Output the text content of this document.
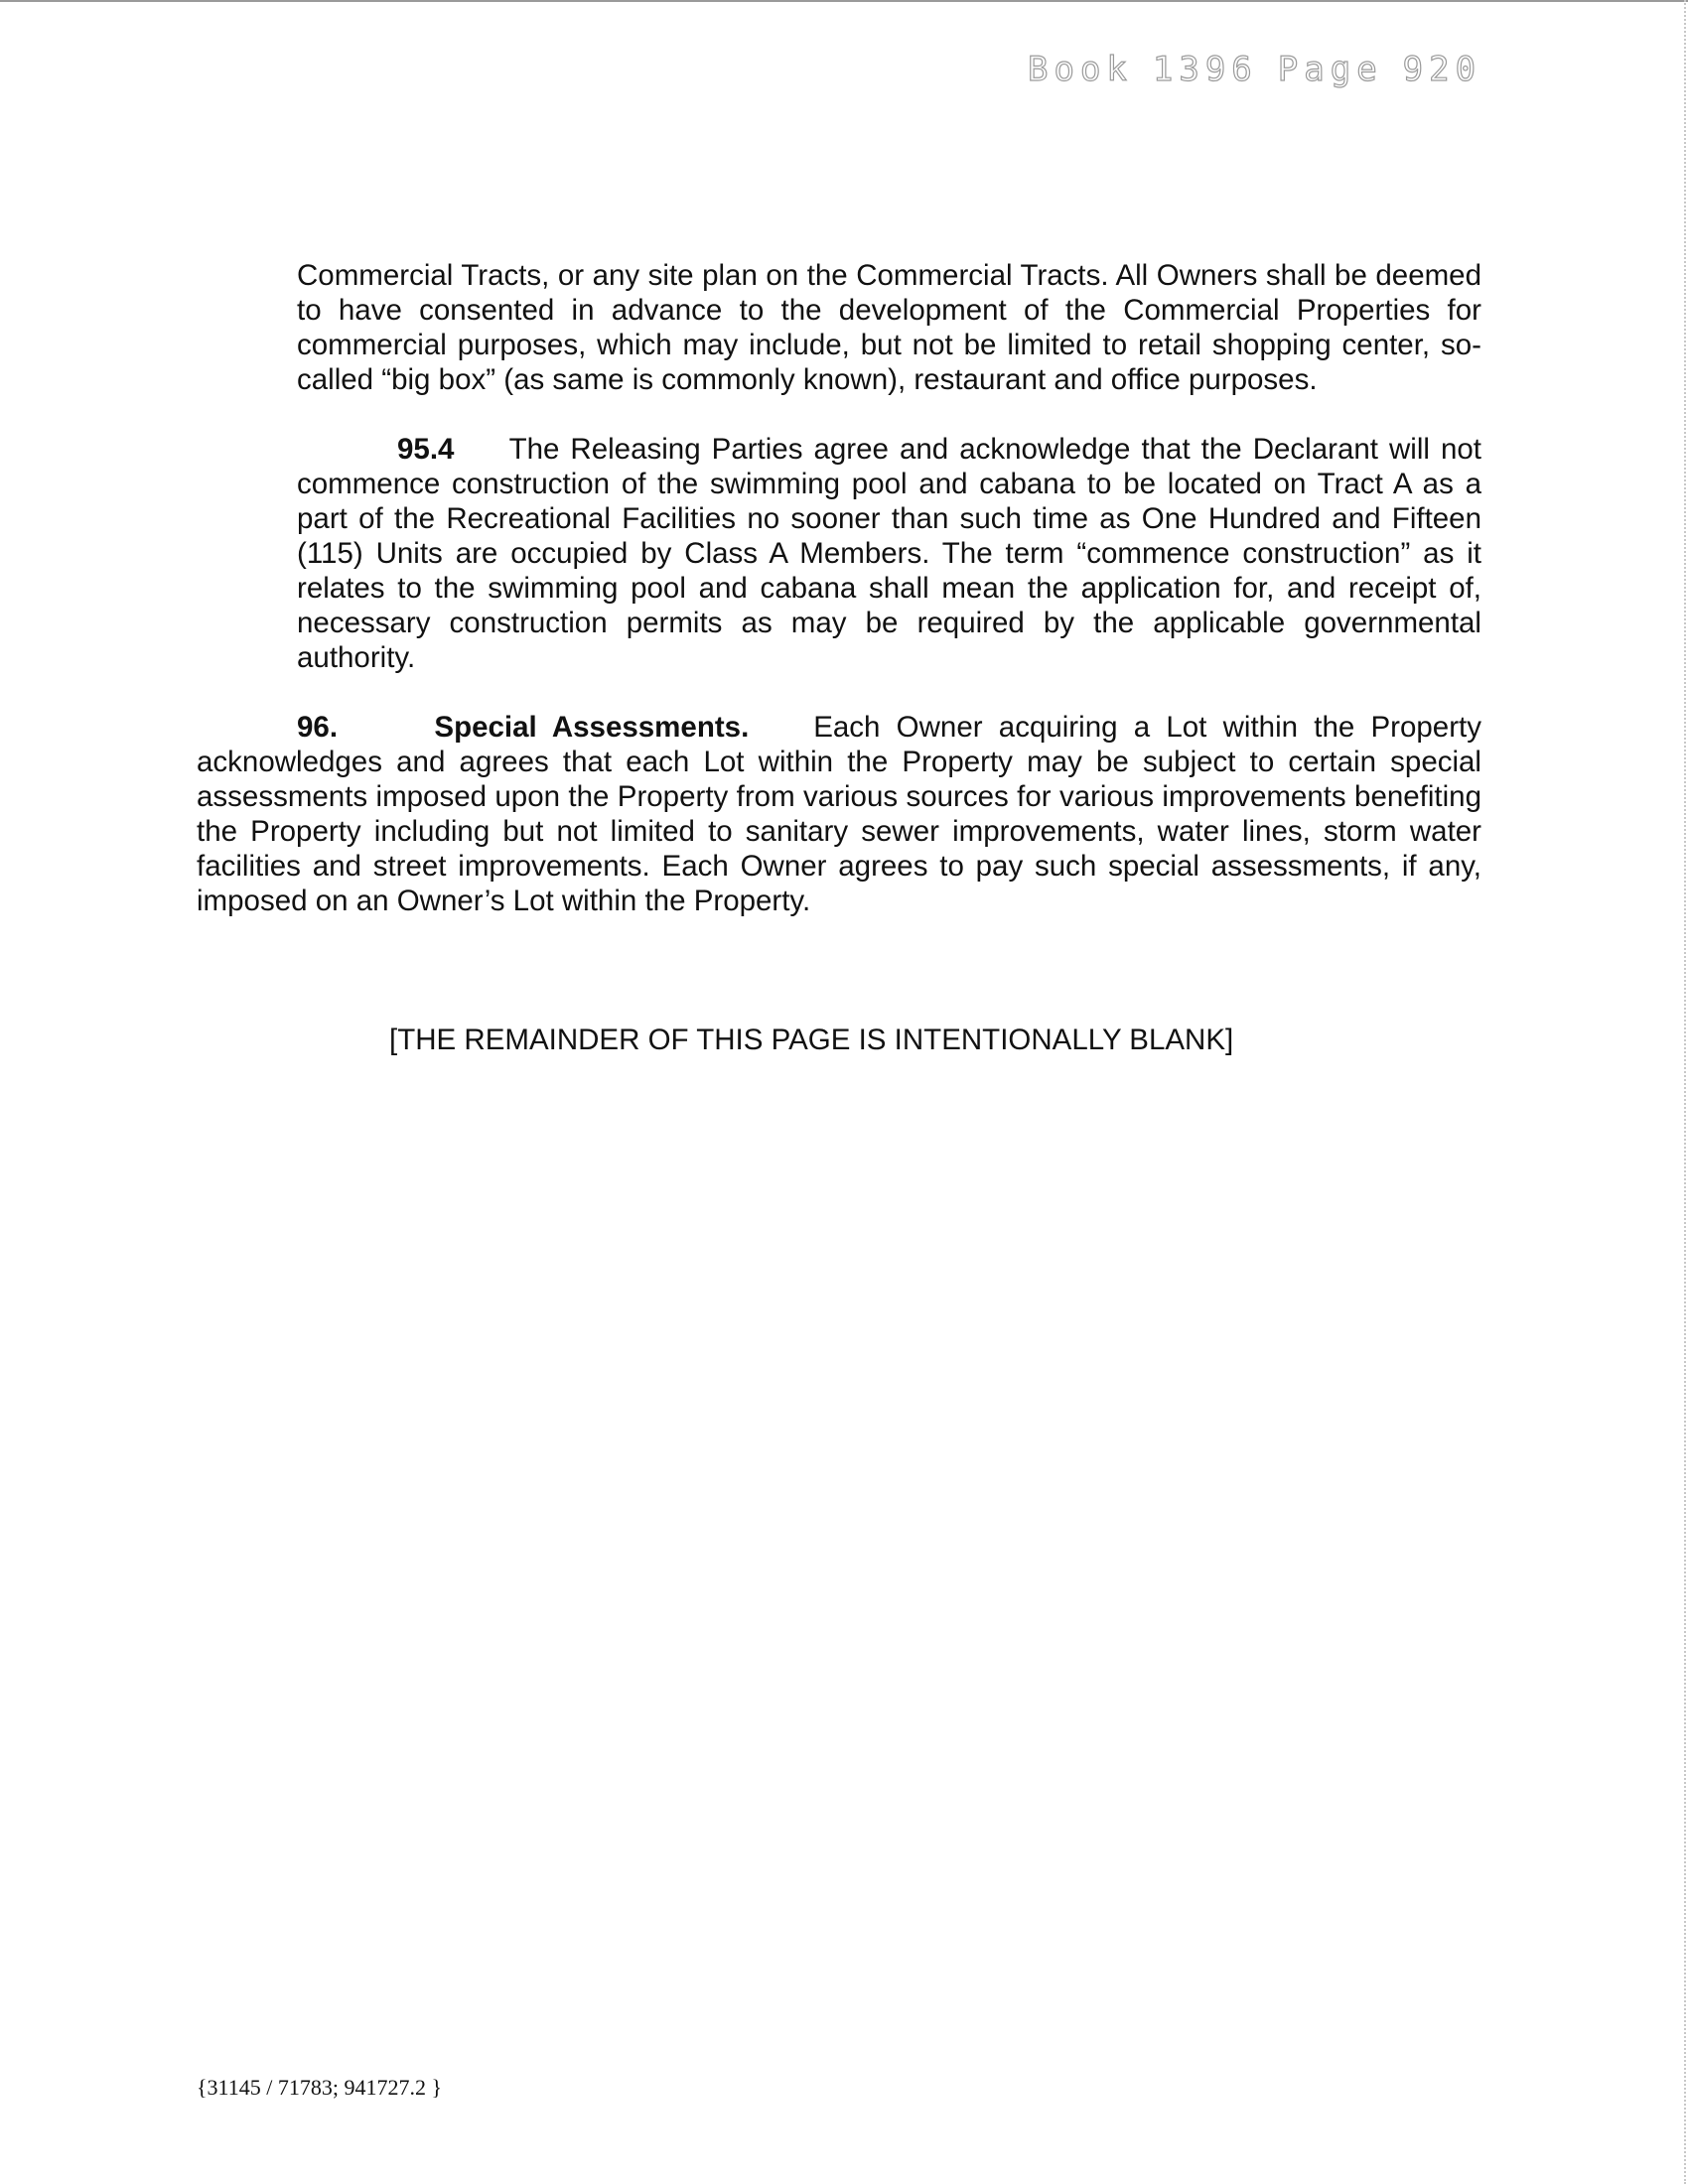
Book 1396 Page 920

Commercial Tracts, or any site plan on the Commercial Tracts. All Owners shall be deemed to have consented in advance to the development of the Commercial Properties for commercial purposes, which may include, but not be limited to retail shopping center, so-called “big box” (as same is commonly known), restaurant and office purposes.

95.4 The Releasing Parties agree and acknowledge that the Declarant will not commence construction of the swimming pool and cabana to be located on Tract A as a part of the Recreational Facilities no sooner than such time as One Hundred and Fifteen (115) Units are occupied by Class A Members. The term “commence construction” as it relates to the swimming pool and cabana shall mean the application for, and receipt of, necessary construction permits as may be required by the applicable governmental authority.

96.	Special Assessments. Each Owner acquiring a Lot within the Property acknowledges and agrees that each Lot within the Property may be subject to certain special assessments imposed upon the Property from various sources for various improvements benefiting the Property including but not limited to sanitary sewer improvements, water lines, storm water facilities and street improvements. Each Owner agrees to pay such special assessments, if any, imposed on an Owner’s Lot within the Property.

[THE REMAINDER OF THIS PAGE IS INTENTIONALLY BLANK]

{31145 / 71783; 941727.2 }
